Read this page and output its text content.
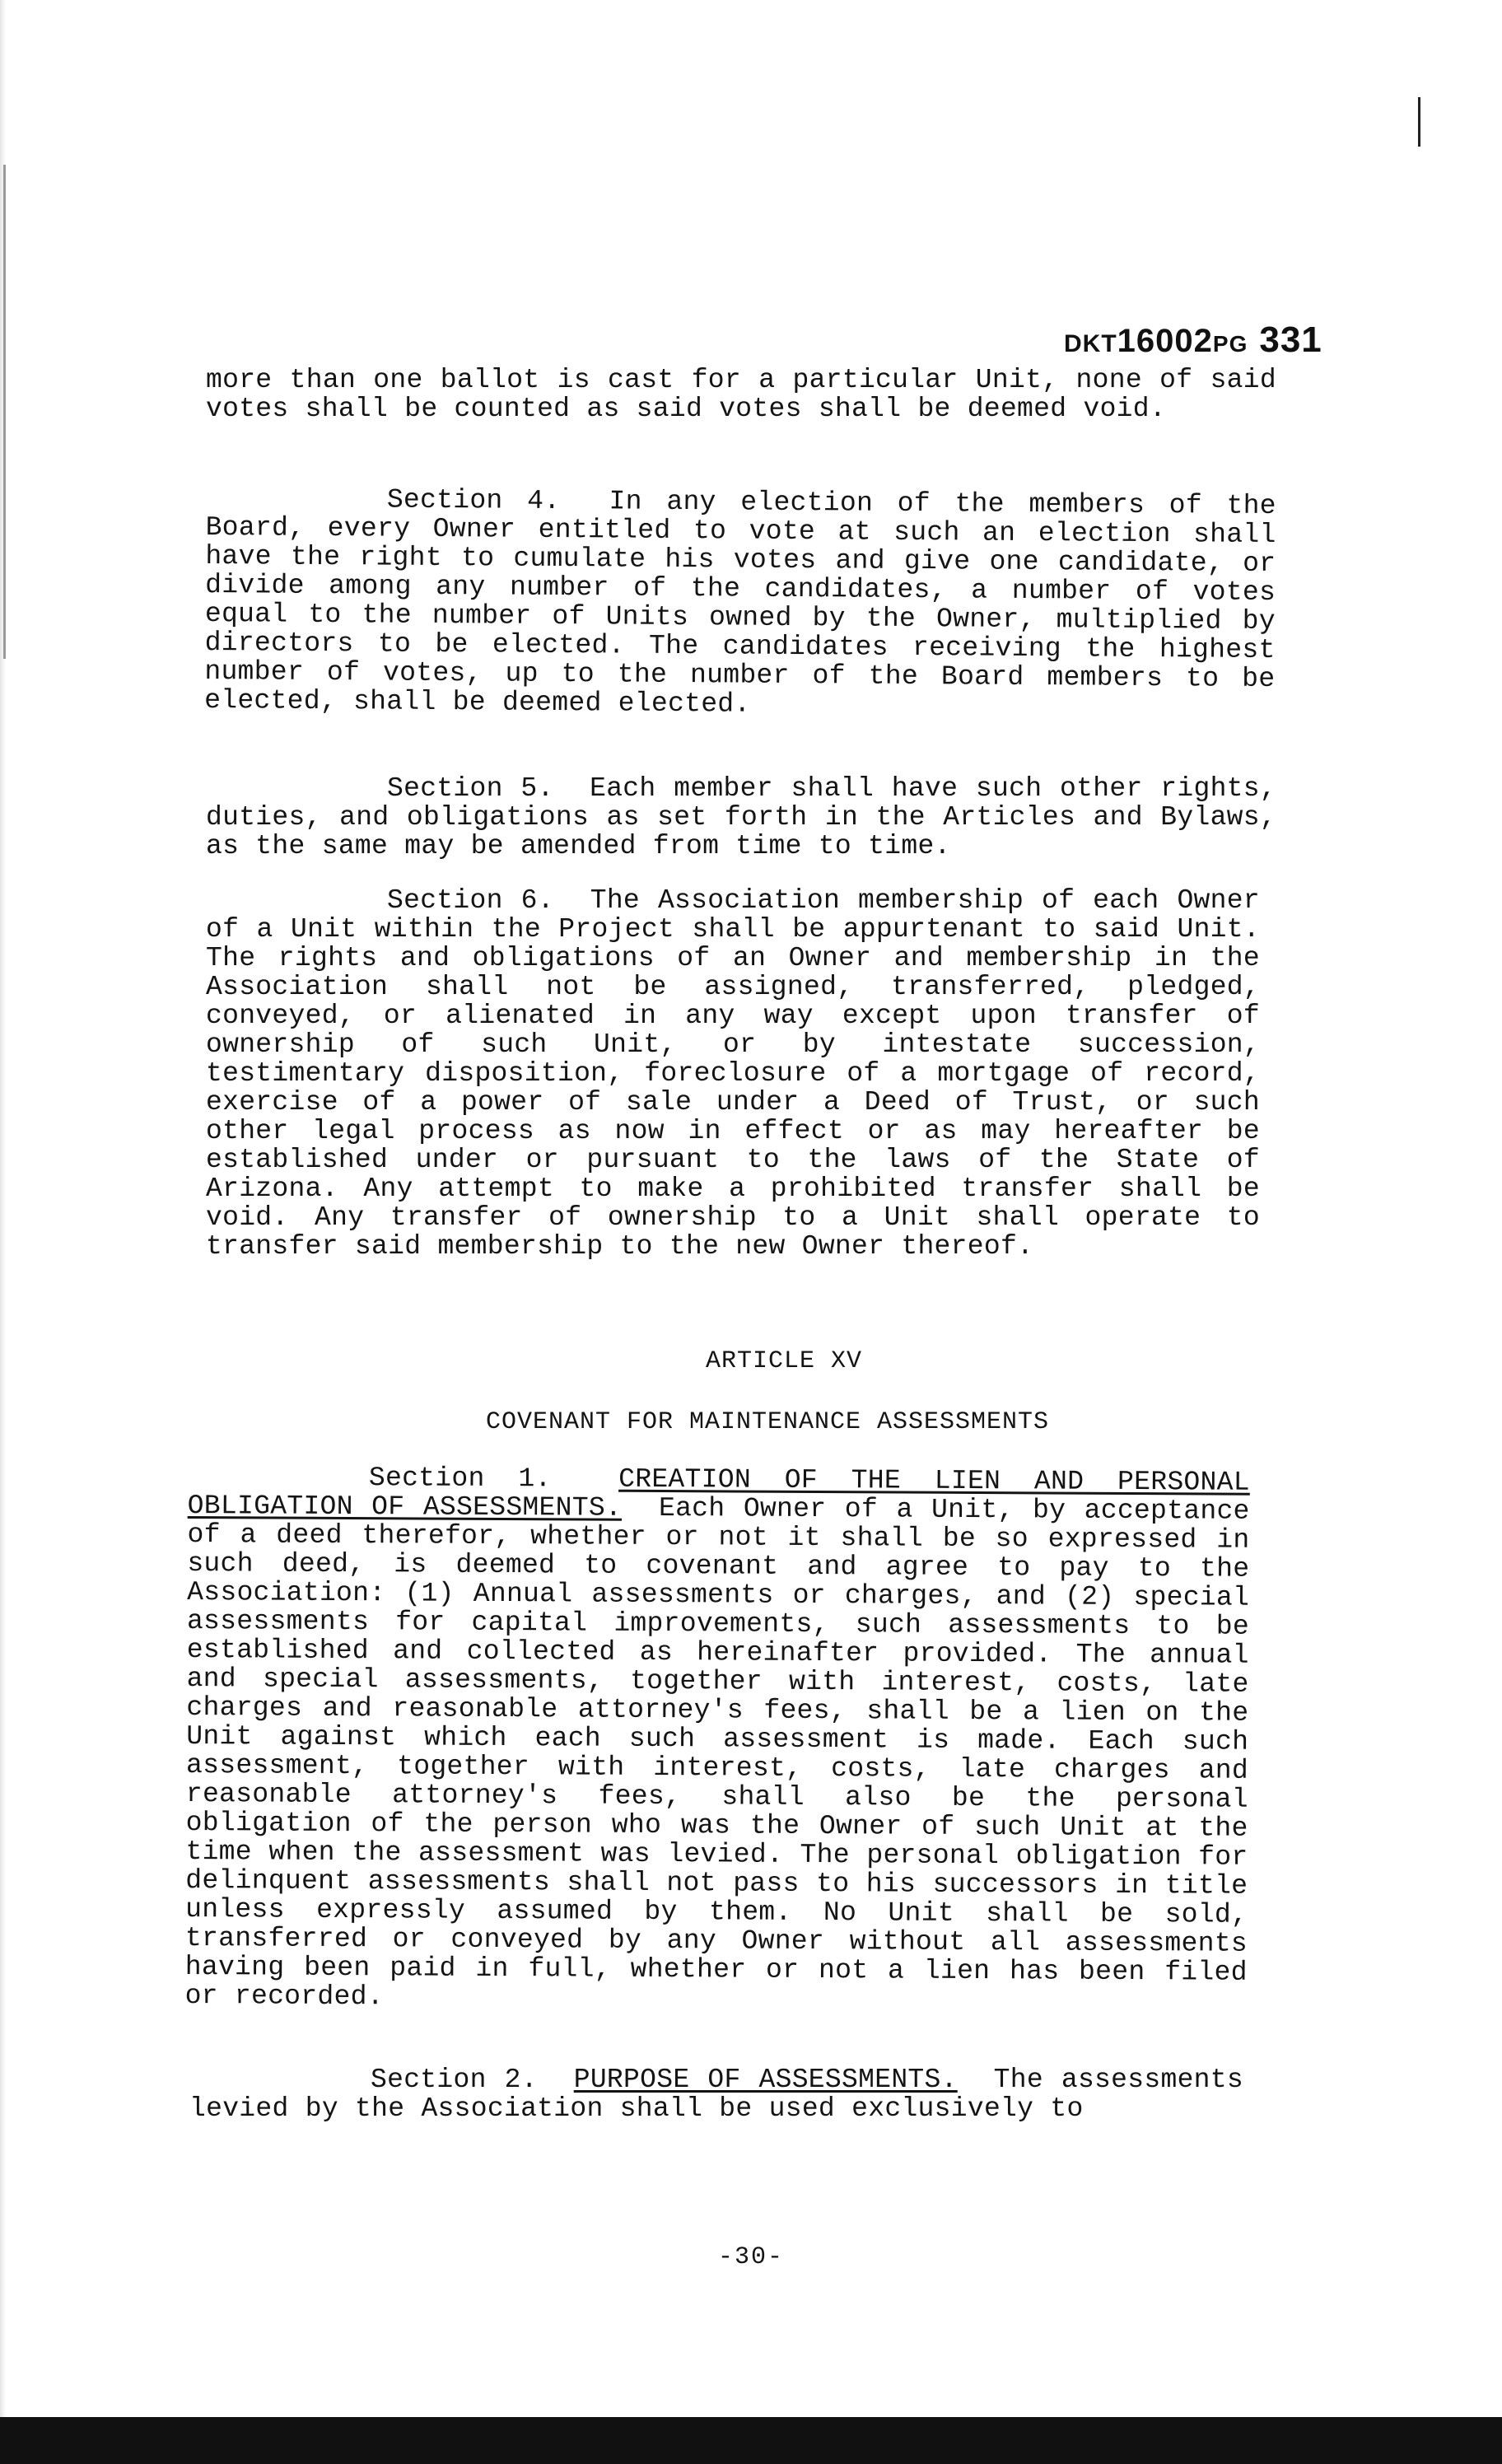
DKT16002PG 331
more than one ballot is cast for a particular Unit, none of said votes shall be counted as said votes shall be deemed void.
Section 4. In any election of the members of the Board, every Owner entitled to vote at such an election shall have the right to cumulate his votes and give one candidate, or divide among any number of the candidates, a number of votes equal to the number of Units owned by the Owner, multiplied by directors to be elected. The candidates receiving the highest number of votes, up to the number of the Board members to be elected, shall be deemed elected.
Section 5. Each member shall have such other rights, duties, and obligations as set forth in the Articles and Bylaws, as the same may be amended from time to time.
Section 6. The Association membership of each Owner of a Unit within the Project shall be appurtenant to said Unit. The rights and obligations of an Owner and membership in the Association shall not be assigned, transferred, pledged, conveyed, or alienated in any way except upon transfer of ownership of such Unit, or by intestate succession, testimentary disposition, foreclosure of a mortgage of record, exercise of a power of sale under a Deed of Trust, or such other legal process as now in effect or as may hereafter be established under or pursuant to the laws of the State of Arizona. Any attempt to make a prohibited transfer shall be void. Any transfer of ownership to a Unit shall operate to transfer said membership to the new Owner thereof.
ARTICLE XV
COVENANT FOR MAINTENANCE ASSESSMENTS
Section 1. CREATION OF THE LIEN AND PERSONAL OBLIGATION OF ASSESSMENTS. Each Owner of a Unit, by acceptance of a deed therefor, whether or not it shall be so expressed in such deed, is deemed to covenant and agree to pay to the Association: (1) Annual assessments or charges, and (2) special assessments for capital improvements, such assessments to be established and collected as hereinafter provided. The annual and special assessments, together with interest, costs, late charges and reasonable attorney's fees, shall be a lien on the Unit against which each such assessment is made. Each such assessment, together with interest, costs, late charges and reasonable attorney's fees, shall also be the personal obligation of the person who was the Owner of such Unit at the time when the assessment was levied. The personal obligation for delinquent assessments shall not pass to his successors in title unless expressly assumed by them. No Unit shall be sold, transferred or conveyed by any Owner without all assessments having been paid in full, whether or not a lien has been filed or recorded.
Section 2. PURPOSE OF ASSESSMENTS. The assessments levied by the Association shall be used exclusively to
-30-
